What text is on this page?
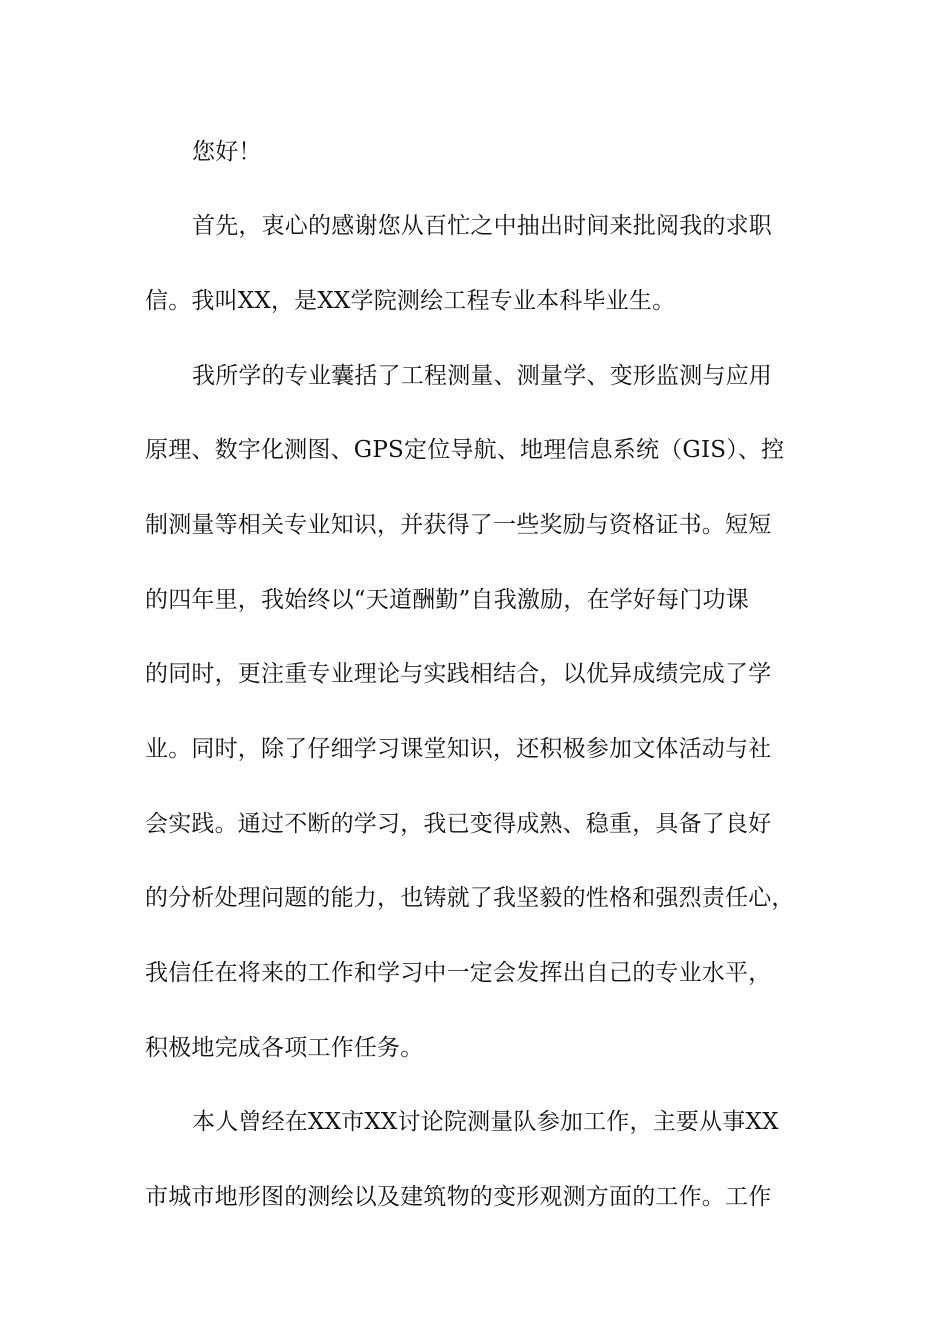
您好！
首先，衷心的感谢您从百忙之中抽出时间来批阅我的求职
信。我叫XX，是XX学院测绘工程专业本科毕业生。
我所学的专业囊括了工程测量、测量学、变形监测与应用
原理、数字化测图、GPS定位导航、地理信息系统（GIS）、控
制测量等相关专业知识，并获得了一些奖励与资格证书。短短
的四年里，我始终以“天道酬勤”自我激励，在学好每门功课
的同时，更注重专业理论与实践相结合，以优异成绩完成了学
业。同时，除了仔细学习课堂知识，还积极参加文体活动与社
会实践。通过不断的学习，我已变得成熟、稳重，具备了良好
的分析处理问题的能力，也铸就了我坚毅的性格和强烈责任心，
我信任在将来的工作和学习中一定会发挥出自己的专业水平，
积极地完成各项工作任务。
本人曾经在XX市XX讨论院测量队参加工作，主要从事XX
市城市地形图的测绘以及建筑物的变形观测方面的工作。工作
